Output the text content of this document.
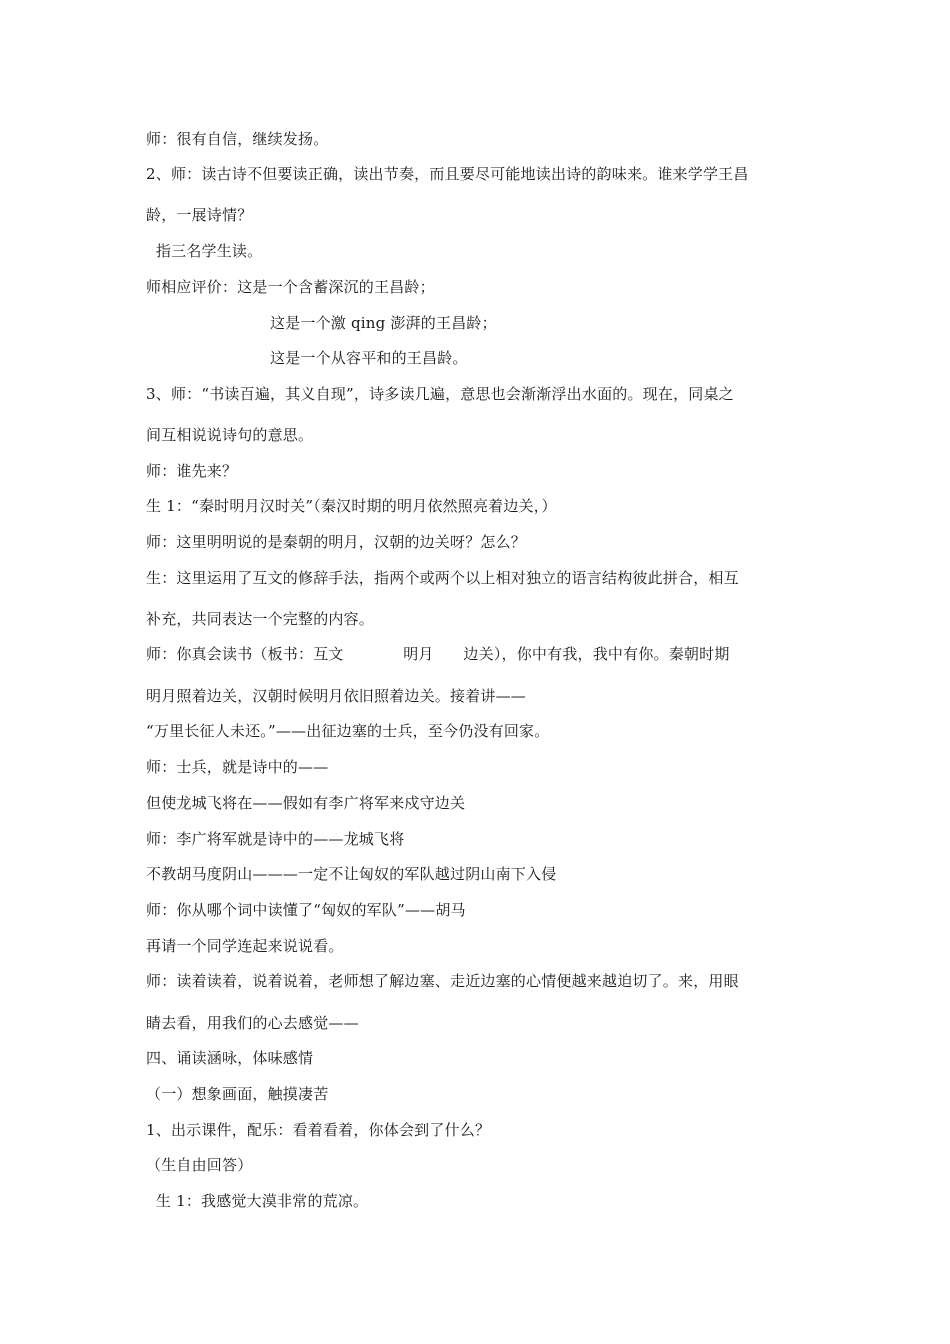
师：很有自信，继续发扬。
2、师：读古诗不但要读正确，读出节奏，而且要尽可能地读出诗的韵味来。谁来学学王昌
龄，一展诗情？
指三名学生读。
师相应评价：这是一个含蓄深沉的王昌龄；
这是一个激 qing 澎湃的王昌龄；
这是一个从容平和的王昌龄。
3、师：“书读百遍，其义自现”，诗多读几遍，意思也会渐渐浮出水面的。现在，同桌之
间互相说说诗句的意思。
师：谁先来？
生 1：“秦时明月汉时关”（秦汉时期的明月依然照亮着边关，）
师：这里明明说的是秦朝的明月，汉朝的边关呀？怎么？
生：这里运用了互文的修辞手法，指两个或两个以上相对独立的语言结构彼此拼合，相互
补充，共同表达一个完整的内容。
师：你真会读书（板书：互文            明月      边关），你中有我，我中有你。秦朝时期
明月照着边关，汉朝时候明月依旧照着边关。接着讲——
“万里长征人未还。”——出征边塞的士兵，至今仍没有回家。
师：士兵，就是诗中的——
但使龙城飞将在——假如有李广将军来戍守边关
师：李广将军就是诗中的——龙城飞将
不教胡马度阴山———一定不让匈奴的军队越过阴山南下入侵
师：你从哪个词中读懂了“匈奴的军队”——胡马
再请一个同学连起来说说看。
师：读着读着，说着说着，老师想了解边塞、走近边塞的心情便越来越迫切了。来，用眼
睛去看，用我们的心去感觉——
四、诵读涵咏，体味感情
（一）想象画面，触摸凄苦
1、出示课件，配乐：看着看着，你体会到了什么？
（生自由回答）
生 1：我感觉大漠非常的荒凉。
